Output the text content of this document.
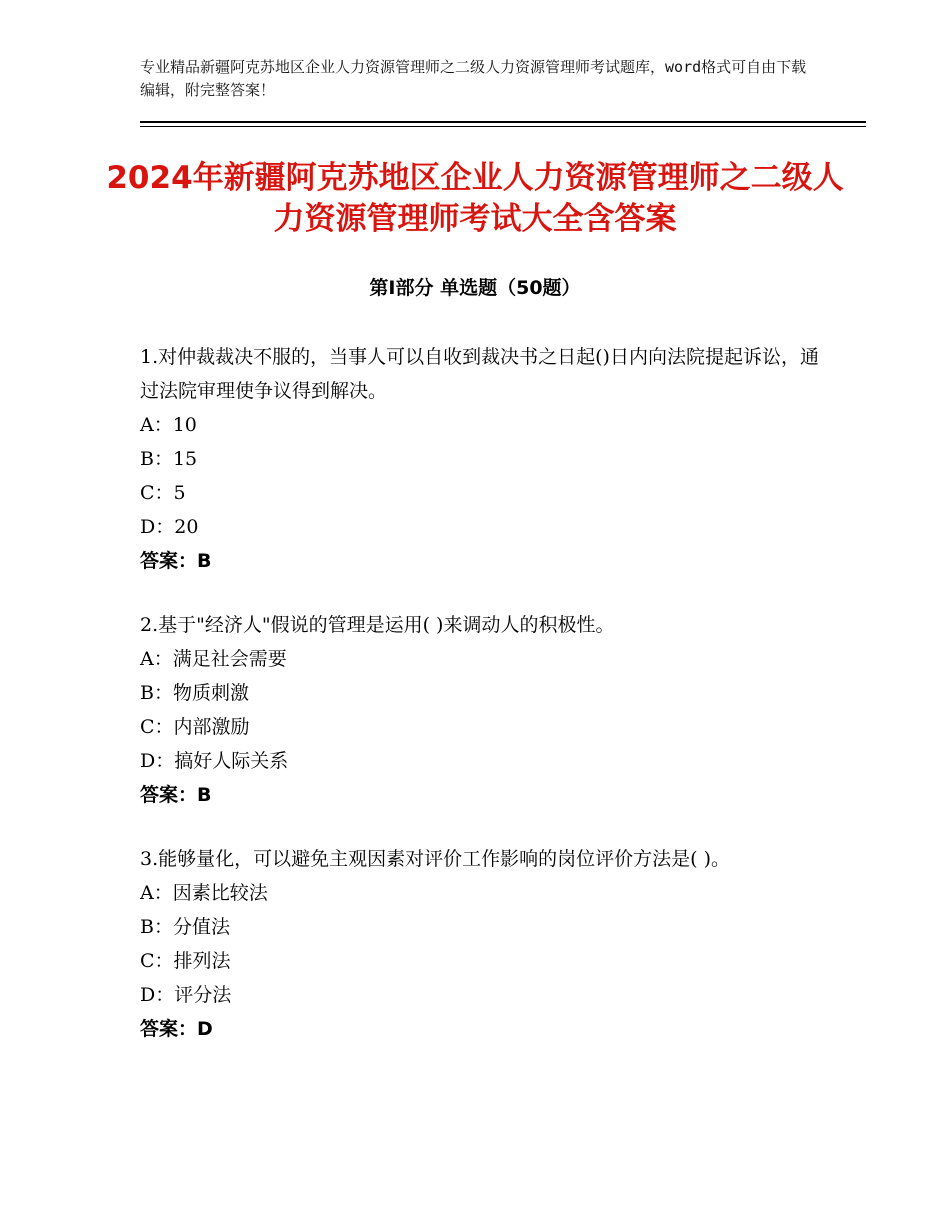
专业精品新疆阿克苏地区企业人力资源管理师之二级人力资源管理师考试题库，word格式可自由下载编辑，附完整答案！
2024年新疆阿克苏地区企业人力资源管理师之二级人力资源管理师考试大全含答案
第Ⅰ部分 单选题（50题）
1.对仲裁裁决不服的，当事人可以自收到裁决书之日起()日内向法院提起诉讼，通过法院审理使争议得到解决。
A：10
B：15
C：5
D：20
答案：B
2.基于"经济人"假说的管理是运用( )来调动人的积极性。
A：满足社会需要
B：物质刺激
C：内部激励
D：搞好人际关系
答案：B
3.能够量化，可以避免主观因素对评价工作影响的岗位评价方法是( )。
A：因素比较法
B：分值法
C：排列法
D：评分法
答案：D
